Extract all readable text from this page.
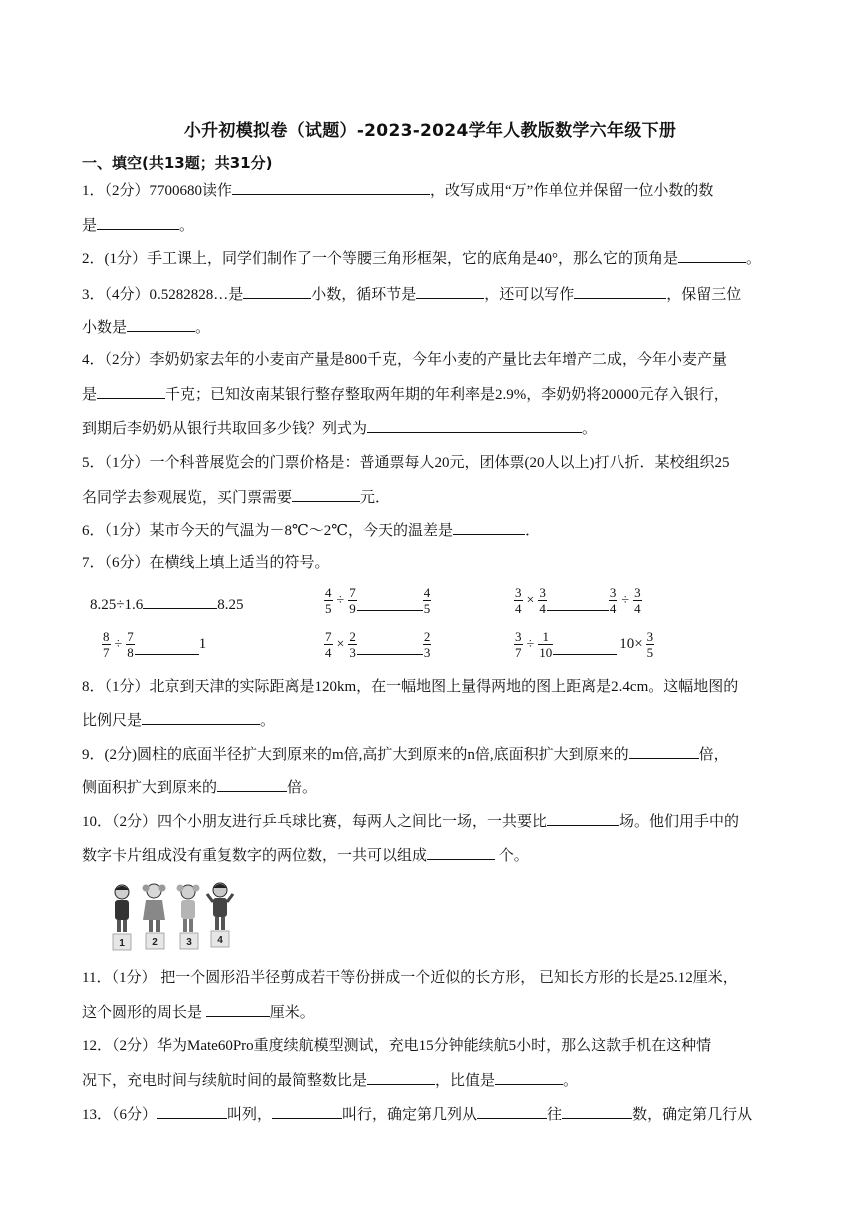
小升初模拟卷（试题）-2023-2024学年人教版数学六年级下册
一、填空(共13题；共31分)
1．（2分）7700680读作	，改写成用“万”作单位并保留一位小数的数
是	。
2．(1分）手工课上，同学们制作了一个等腰三角形框架，它的底角是40°，那么它的顶角是	。
3．（4分）0.5282828…是	小数，循环节是	，还可以写作	，保留三位
小数是	。
4．（2分）李奶奶家去年的小麦亩产量是800千克，今年小麦的产量比去年增产二成，今年小麦产量
是	千克；已知汝南某银行整存整取两年期的年利率是2.9%，李奶奶将20000元存入银行，
到期后李奶奶从银行共取回多少钱？列式为	。
5．（1分）一个科普展览会的门票价格是：普通票每人20元，团体票(20人以上)打八折．某校组织25
名同学去参观展览，买门票需要	元．
6．（1分）某市今天的气温为－8℃～2℃，今天的温差是	．
7．（6分）在横线上填上适当的符号。
8.25÷1.6	8.25	$\frac{4}{5} \div \frac{7}{9}$	$\frac{4}{5}$	$\frac{3}{4} \times \frac{3}{4}$	$\frac{3}{4} \div \frac{3}{4}$
$\frac{8}{7} \div \frac{7}{8}$	1	$\frac{7}{4} \times \frac{2}{3}$	$\frac{2}{3}$	$\frac{3}{7} \div \frac{1}{10}$	$10\times \frac{3}{5}$
8．（1分）北京到天津的实际距离是120km，在一幅地图上量得两地的图上距离是2.4cm。这幅地图的
比例尺是	。
9．(2分)圆柱的底面半径扩大到原来的m倍,高扩大到原来的n倍,底面积扩大到原来的	倍，
侧面积扩大到原来的	倍。
10．（2分）四个小朋友进行乒乓球比赛，每两人之间比一场，一共要比	场。他们用手中的
数字卡片组成没有重复数字的两位数，一共可以组成	个。
1	2	3	4
11．（1分） 把一个圆形沿半径剪成若干等份拼成一个近似的长方形， 已知长方形的长是25.12厘米，
这个圆形的周长是	厘米。
12．（2分）华为Mate60Pro重度续航模型测试，充电15分钟能续航5小时，那么这款手机在这种情
况下，充电时间与续航时间的最简整数比是	，比值是	。
13．（6分）	叫列，	叫行，确定第几列从	往	数，确定第几行从
